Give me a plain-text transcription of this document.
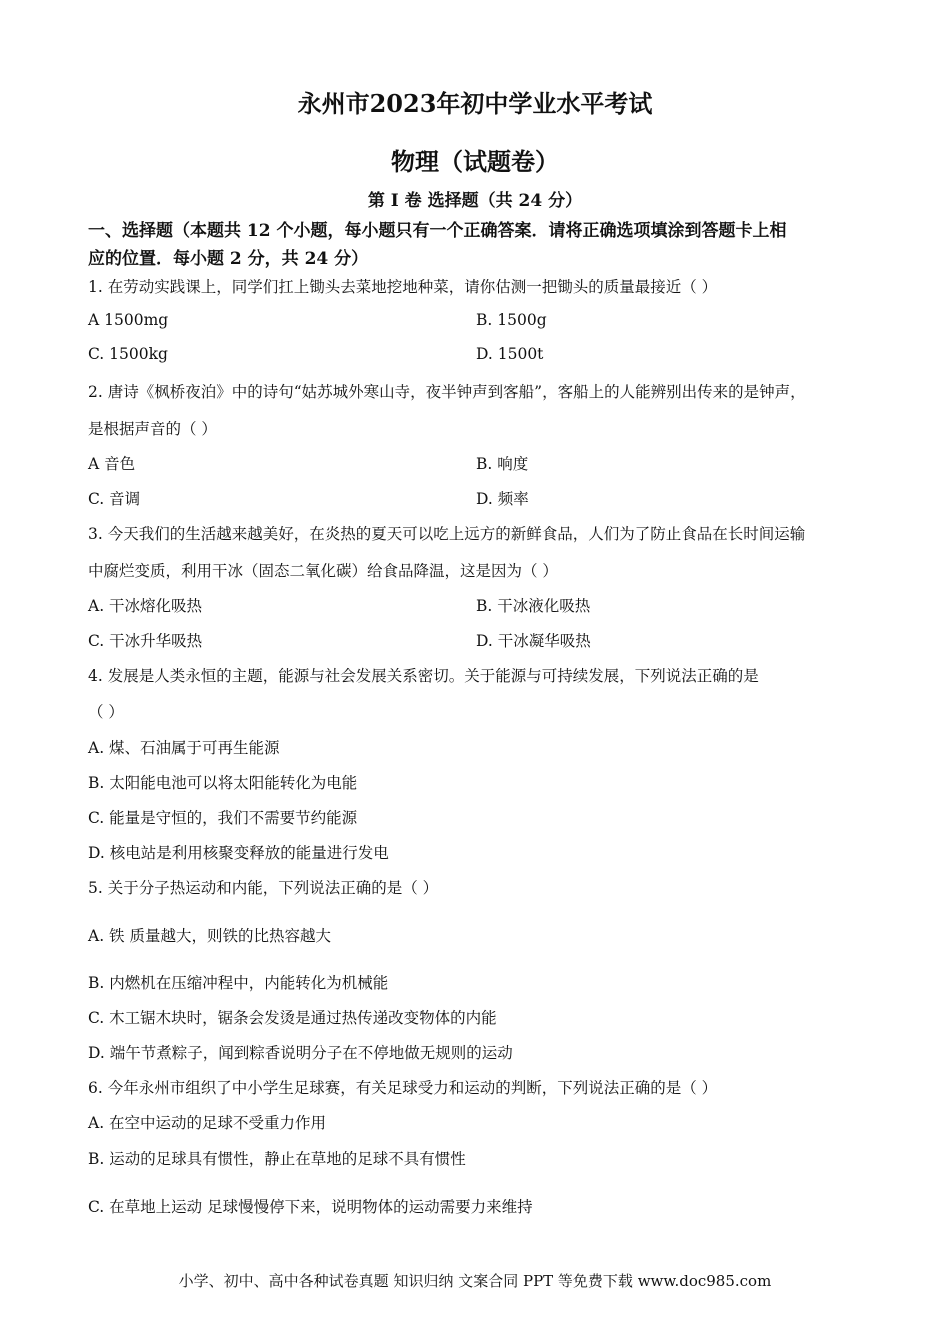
永州市2023年初中学业水平考试
物理（试题卷）
第 I 卷 选择题（共 24 分）
一、选择题（本题共 12 个小题，每小题只有一个正确答案．请将正确选项填涂到答题卡上相
应的位置．每小题 2 分，共 24 分）
1. 在劳动实践课上，同学们扛上锄头去菜地挖地种菜，请你估测一把锄头的质量最接近（ ）
A 1500mg	B. 1500g
C. 1500kg	D. 1500t
2. 唐诗《枫桥夜泊》中的诗句“姑苏城外寒山寺，夜半钟声到客船”，客船上的人能辨别出传来的是钟声，
是根据声音的（ ）
A 音色	B. 响度
C. 音调	D. 频率
3. 今天我们的生活越来越美好，在炎热的夏天可以吃上远方的新鲜食品，人们为了防止食品在长时间运输
中腐烂变质，利用干冰（固态二氧化碳）给食品降温，这是因为（ ）
A. 干冰熔化吸热	B. 干冰液化吸热
C. 干冰升华吸热	D. 干冰凝华吸热
4. 发展是人类永恒的主题，能源与社会发展关系密切。关于能源与可持续发展，下列说法正确的是
（ ）
A. 煤、石油属于可再生能源
B. 太阳能电池可以将太阳能转化为电能
C. 能量是守恒的，我们不需要节约能源
D. 核电站是利用核聚变释放的能量进行发电
5. 关于分子热运动和内能，下列说法正确的是（ ）
A. 铁 质量越大，则铁的比热容越大
B. 内燃机在压缩冲程中，内能转化为机械能
C. 木工锯木块时，锯条会发烫是通过热传递改变物体的内能
D. 端午节煮粽子，闻到粽香说明分子在不停地做无规则的运动
6. 今年永州市组织了中小学生足球赛，有关足球受力和运动的判断，下列说法正确的是（ ）
A. 在空中运动的足球不受重力作用
B. 运动的足球具有惯性，静止在草地的足球不具有惯性
C. 在草地上运动 足球慢慢停下来，说明物体的运动需要力来维持
小学、初中、高中各种试卷真题 知识归纳 文案合同 PPT 等免费下载 www.doc985.com
